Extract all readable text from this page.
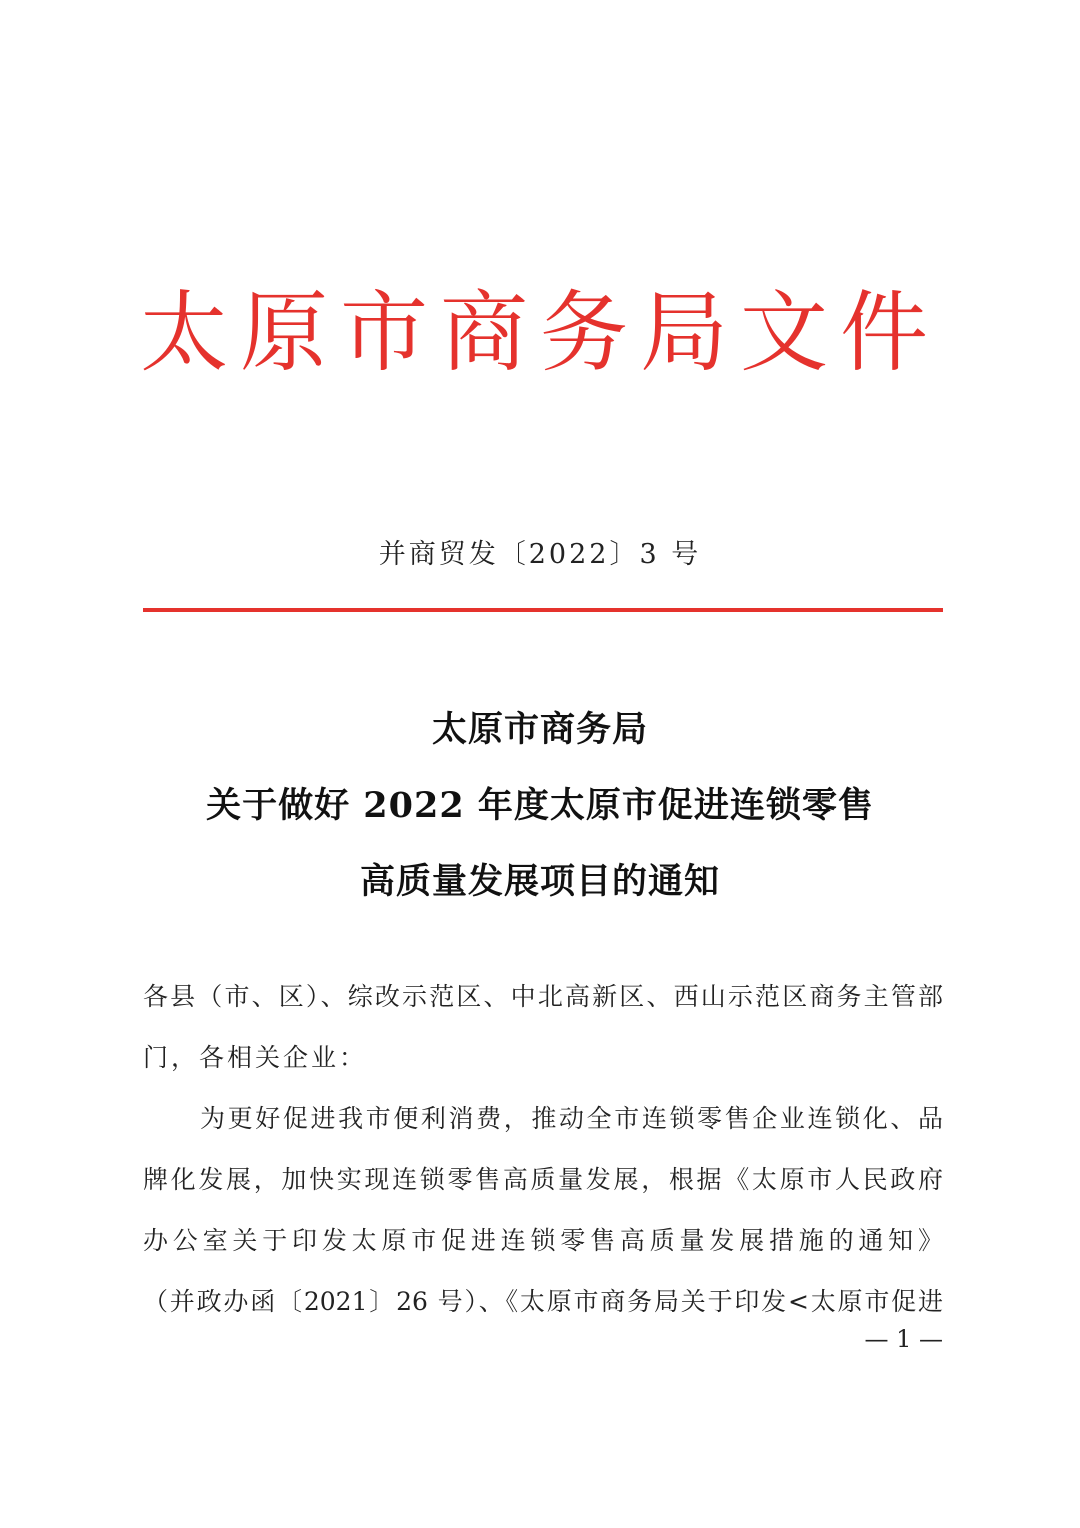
太原市商务局文件
并商贸发〔2022〕3 号
太原市商务局
关于做好 2022 年度太原市促进连锁零售
高质量发展项目的通知
各县（市、区）、综改示范区、中北高新区、西山示范区商务主管部
门，各相关企业：
为更好促进我市便利消费，推动全市连锁零售企业连锁化、品
牌化发展，加快实现连锁零售高质量发展，根据《太原市人民政府
办公室关于印发太原市促进连锁零售高质量发展措施的通知》
（并政办函〔2021〕26 号）、《太原市商务局关于印发<太原市促进
— 1 —
